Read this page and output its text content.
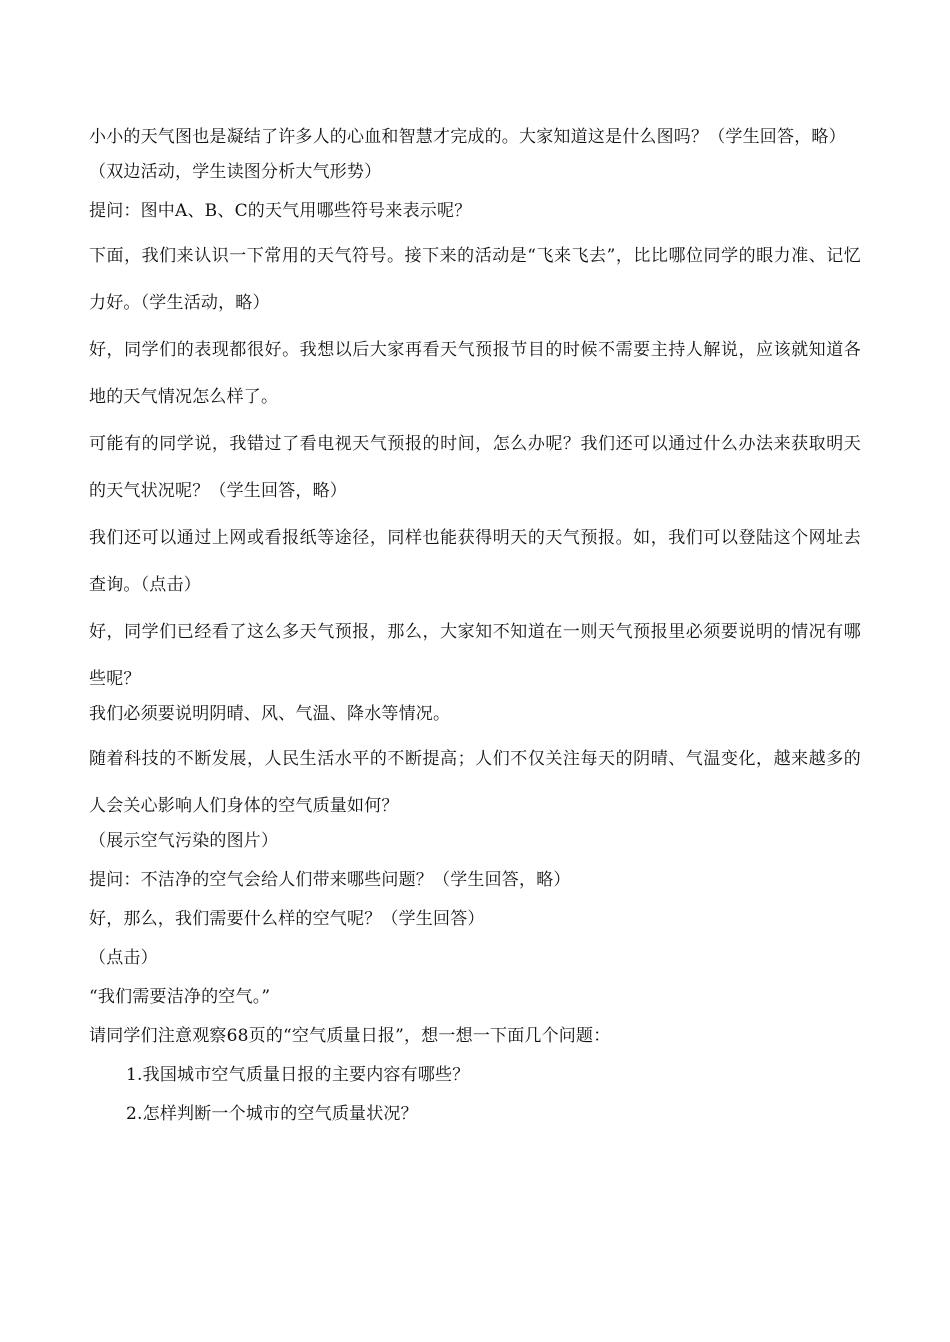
小小的天气图也是凝结了许多人的心血和智慧才完成的。大家知道这是什么图吗？（学生回答，略）

（双边活动，学生读图分析大气形势）

提问：图中A、B、C的天气用哪些符号来表示呢？

下面，我们来认识一下常用的天气符号。接下来的活动是“飞来飞去”，比比哪位同学的眼力准、记忆力好。（学生活动，略）

好，同学们的表现都很好。我想以后大家再看天气预报节目的时候不需要主持人解说，应该就知道各地的天气情况怎么样了。

可能有的同学说，我错过了看电视天气预报的时间，怎么办呢？我们还可以通过什么办法来获取明天的天气状况呢？（学生回答，略）

我们还可以通过上网或看报纸等途径，同样也能获得明天的天气预报。如，我们可以登陆这个网址去查询。（点击）

好，同学们已经看了这么多天气预报，那么，大家知不知道在一则天气预报里必须要说明的情况有哪些呢？

我们必须要说明阴晴、风、气温、降水等情况。

随着科技的不断发展，人民生活水平的不断提高；人们不仅关注每天的阴晴、气温变化，越来越多的人会关心影响人们身体的空气质量如何？

（展示空气污染的图片）

提问：不洁净的空气会给人们带来哪些问题？（学生回答，略）

好，那么，我们需要什么样的空气呢？（学生回答）

（点击）

“我们需要洁净的空气。”

请同学们注意观察68页的“空气质量日报”，想一想一下面几个问题：

1.我国城市空气质量日报的主要内容有哪些？

2.怎样判断一个城市的空气质量状况？
